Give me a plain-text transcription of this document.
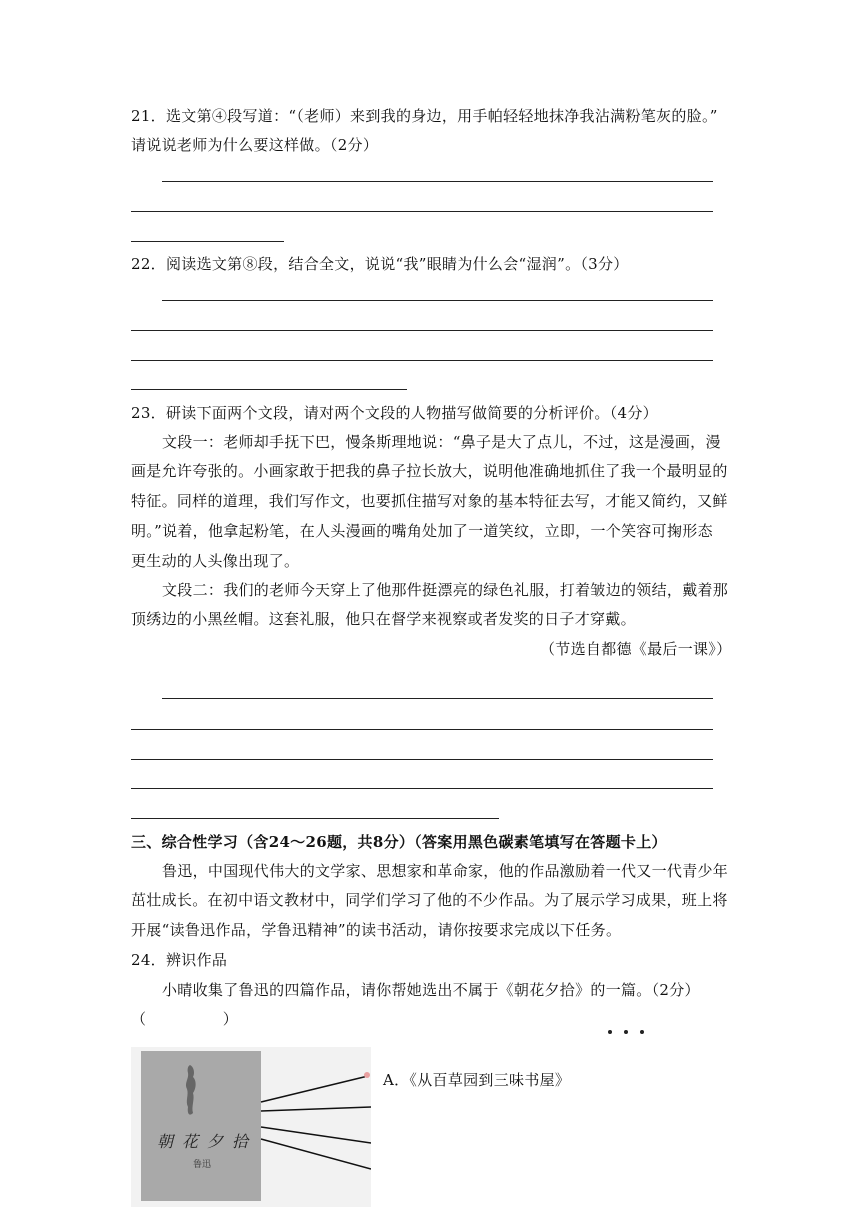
21．选文第④段写道：“（老师）来到我的身边，用手帕轻轻地抹净我沾满粉笔灰的脸。”
请说说老师为什么要这样做。（2分）
22．阅读选文第⑧段，结合全文，说说“我”眼睛为什么会“湿润”。（3分）
23．研读下面两个文段，请对两个文段的人物描写做简要的分析评价。（4分）
文段一：老师却手抚下巴，慢条斯理地说：“鼻子是大了点儿，不过，这是漫画，漫
画是允许夸张的。小画家敢于把我的鼻子拉长放大，说明他准确地抓住了我一个最明显的
特征。同样的道理，我们写作文，也要抓住描写对象的基本特征去写，才能又简约，又鲜
明。”说着，他拿起粉笔，在人头漫画的嘴角处加了一道笑纹，立即，一个笑容可掬形态
更生动的人头像出现了。
文段二：我们的老师今天穿上了他那件挺漂亮的绿色礼服，打着皱边的领结，戴着那
顶绣边的小黑丝帽。这套礼服，他只在督学来视察或者发奖的日子才穿戴。
（节选自都德《最后一课》）
三、综合性学习（含24～26题，共8分）（答案用黑色碳素笔填写在答题卡上）
鲁迅，中国现代伟大的文学家、思想家和革命家，他的作品激励着一代又一代青少年
茁壮成长。在初中语文教材中，同学们学习了他的不少作品。为了展示学习成果，班上将
开展“读鲁迅作品，学鲁迅精神”的读书活动，请你按要求完成以下任务。
24．辨识作品
小晴收集了鲁迅的四篇作品，请你帮她选出不属于《朝花夕拾》的一篇。（2分）
（　　　　　）
朝花夕拾
鲁迅
A．《从百草园到三味书屋》
